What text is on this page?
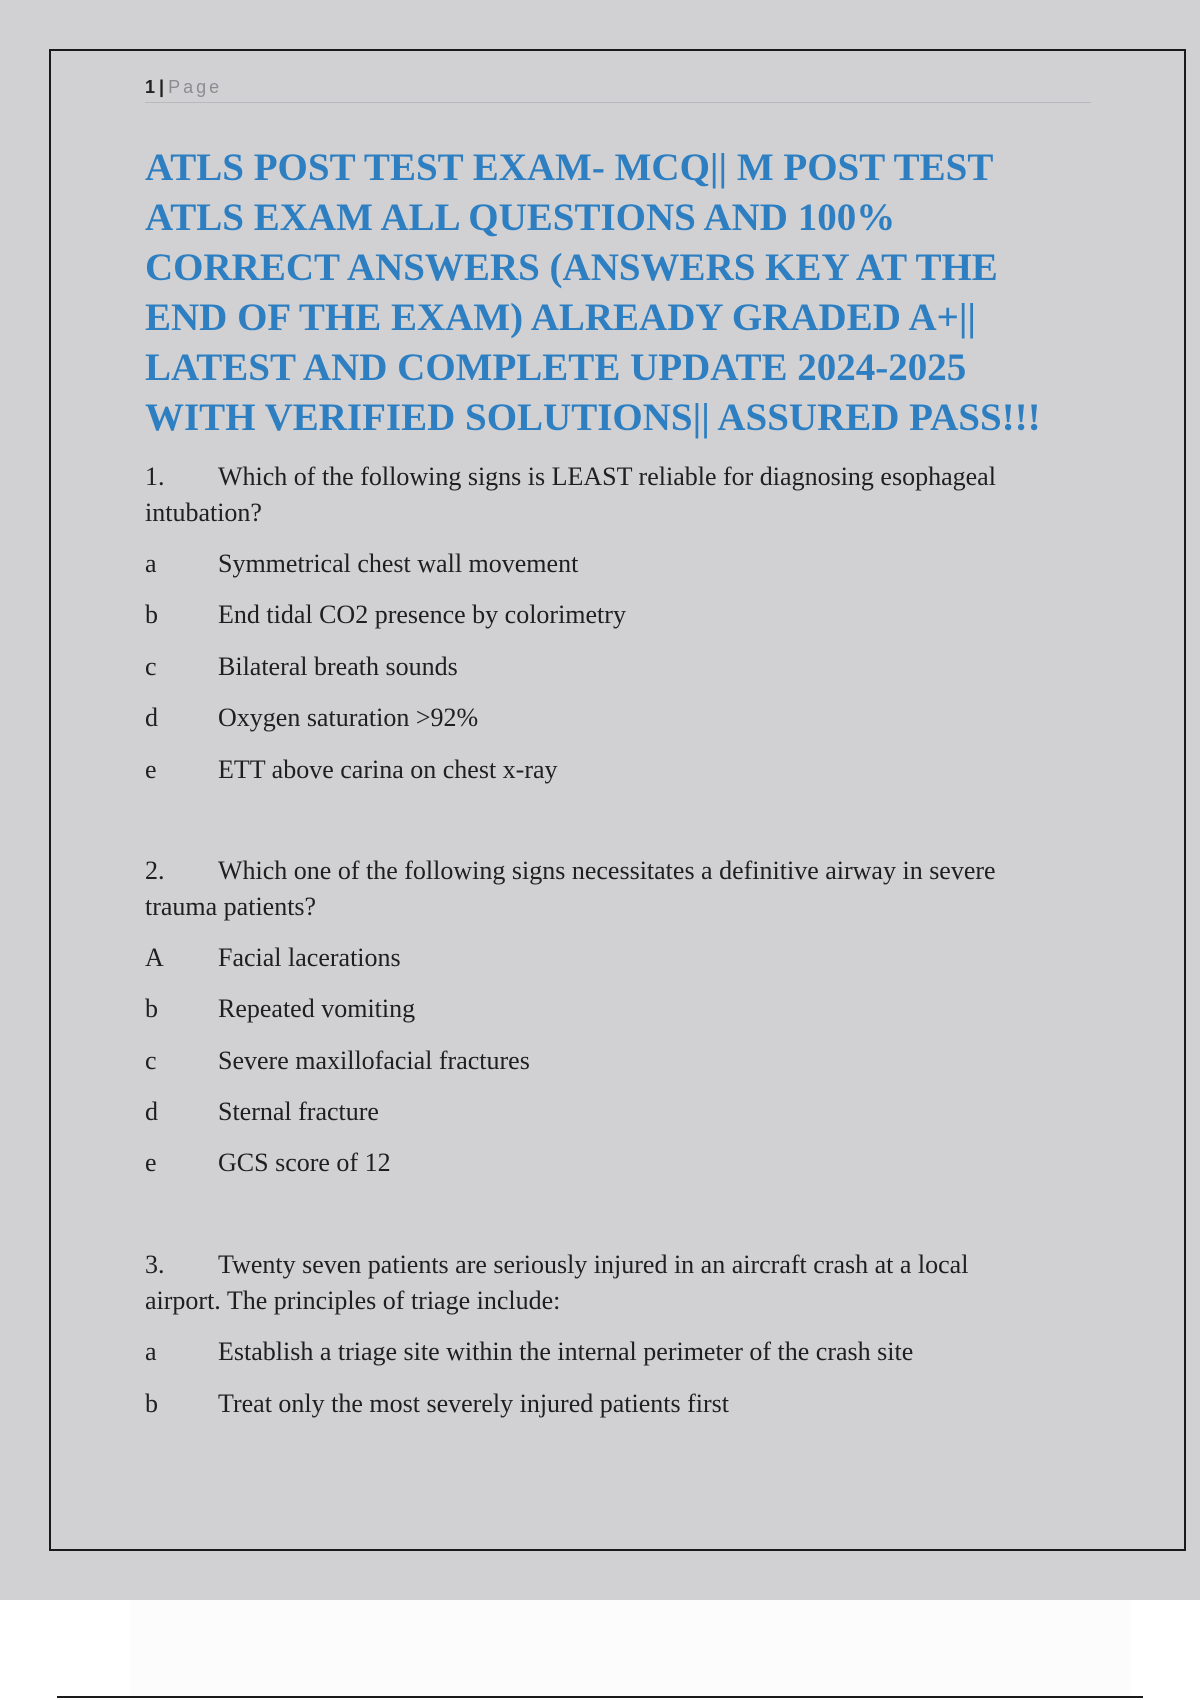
1 | Page
ATLS POST TEST EXAM- MCQ|| M POST TEST
ATLS EXAM ALL QUESTIONS AND 100%
CORRECT ANSWERS (ANSWERS KEY AT THE
END OF THE EXAM) ALREADY GRADED A+||
LATEST AND COMPLETE UPDATE 2024-2025
WITH VERIFIED SOLUTIONS|| ASSURED PASS!!!
1. Which of the following signs is LEAST reliable for diagnosing esophageal
intubation?
a Symmetrical chest wall movement
b End tidal CO2 presence by colorimetry
c Bilateral breath sounds
d Oxygen saturation >92%
e ETT above carina on chest x-ray
2. Which one of the following signs necessitates a definitive airway in severe
trauma patients?
A Facial lacerations
b Repeated vomiting
c Severe maxillofacial fractures
d Sternal fracture
e GCS score of 12
3. Twenty seven patients are seriously injured in an aircraft crash at a local
airport. The principles of triage include:
a Establish a triage site within the internal perimeter of the crash site
b Treat only the most severely injured patients first
